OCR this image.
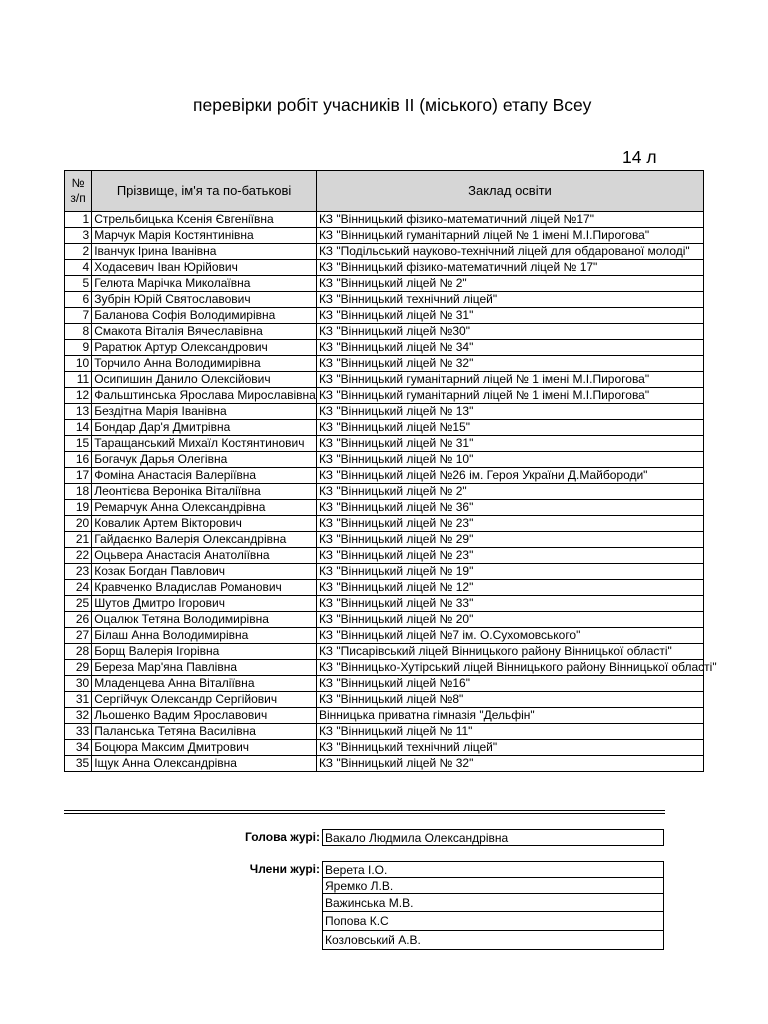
перевірки робіт учасників ІІ (міського) етапу Всеу
14 л
№ з/п	Прізвище, ім'я та по-батькові	Заклад освіти
1	Стрельбицька Ксенія Євгеніївна	КЗ "Вінницький фізико-математичний ліцей №17"
3	Марчук Марія Костянтинівна	КЗ "Вінницький гуманітарний ліцей № 1 імені М.І.Пирогова"
2	Іванчук Ірина Іванівна	КЗ "Подільський науково-технічний ліцей для обдарованої молоді"
4	Ходасевич Іван Юрійович	КЗ "Вінницький фізико-математичний ліцей № 17"
5	Гелюта Марічка Миколаївна	КЗ "Вінницький ліцей № 2"
6	Зубрін Юрій Святославович	КЗ "Вінницький технічний ліцей"
7	Баланова Софія Володимирівна	КЗ "Вінницький ліцей № 31"
8	Смакота Віталія Вячеславівна	КЗ "Вінницький ліцей №30"
9	Раратюк Артур Олександрович	КЗ "Вінницький ліцей № 34"
10	Торчило Анна Володимирівна	КЗ "Вінницький ліцей № 32"
11	Осипишин Данило Олексійович	КЗ "Вінницький гуманітарний ліцей № 1 імені М.І.Пирогова"
12	Фальштинська Ярослава Мирославівна	КЗ "Вінницький гуманітарний ліцей № 1 імені М.І.Пирогова"
13	Бездітна Марія Іванівна	КЗ "Вінницький ліцей № 13"
14	Бондар Дар'я Дмитрівна	КЗ "Вінницький ліцей №15"
15	Таращанський Михаїл Костянтинович	КЗ "Вінницький ліцей № 31"
16	Богачук Дарья Олегівна	КЗ "Вінницький ліцей № 10"
17	Фоміна Анастасія Валеріївна	КЗ "Вінницький ліцей №26 ім. Героя України Д.Майбороди"
18	Леонтієва Вероніка Віталіївна	КЗ "Вінницький ліцей № 2"
19	Ремарчук Анна Олександрівна	КЗ "Вінницький ліцей № 36"
20	Ковалик Артем Вікторович	КЗ "Вінницький ліцей № 23"
21	Гайдаєнко Валерія Олександрівна	КЗ "Вінницький ліцей № 29"
22	Оцьвера Анастасія Анатоліївна	КЗ "Вінницький ліцей № 23"
23	Козак Богдан Павлович	КЗ "Вінницький ліцей № 19"
24	Кравченко Владислав Романович	КЗ "Вінницький ліцей № 12"
25	Шутов Дмитро Ігорович	КЗ "Вінницький ліцей № 33"
26	Оцалюк Тетяна Володимирівна	КЗ "Вінницький ліцей № 20"
27	Білаш Анна Володимирівна	КЗ "Вінницький ліцей №7 ім. О.Сухомовського"
28	Борщ Валерія Ігорівна	КЗ "Писарівський ліцей Вінницького району Вінницької області"
29	Береза Мар'яна Павлівна	КЗ "Вінницько-Хутірський ліцей Вінницького району Вінницької області"
30	Младенцева Анна Віталіївна	КЗ "Вінницький ліцей №16"
31	Сергійчук Олександр Сергійович	КЗ "Вінницький ліцей №8"
32	Льошенко Вадим Ярославович	Вінницька приватна гімназія "Дельфін"
33	Паланська Тетяна Василівна	КЗ "Вінницький ліцей № 11"
34	Боцюра Максим Дмитрович	КЗ "Вінницький технічний ліцей"
35	Іщук Анна Олександрівна	КЗ "Вінницький ліцей № 32"
Голова журі: Вакало Людмила Олександрівна
Члени журі: Верета І.О.
Яремко Л.В.
Важинська М.В.
Попова К.С
Козловський А.В.
